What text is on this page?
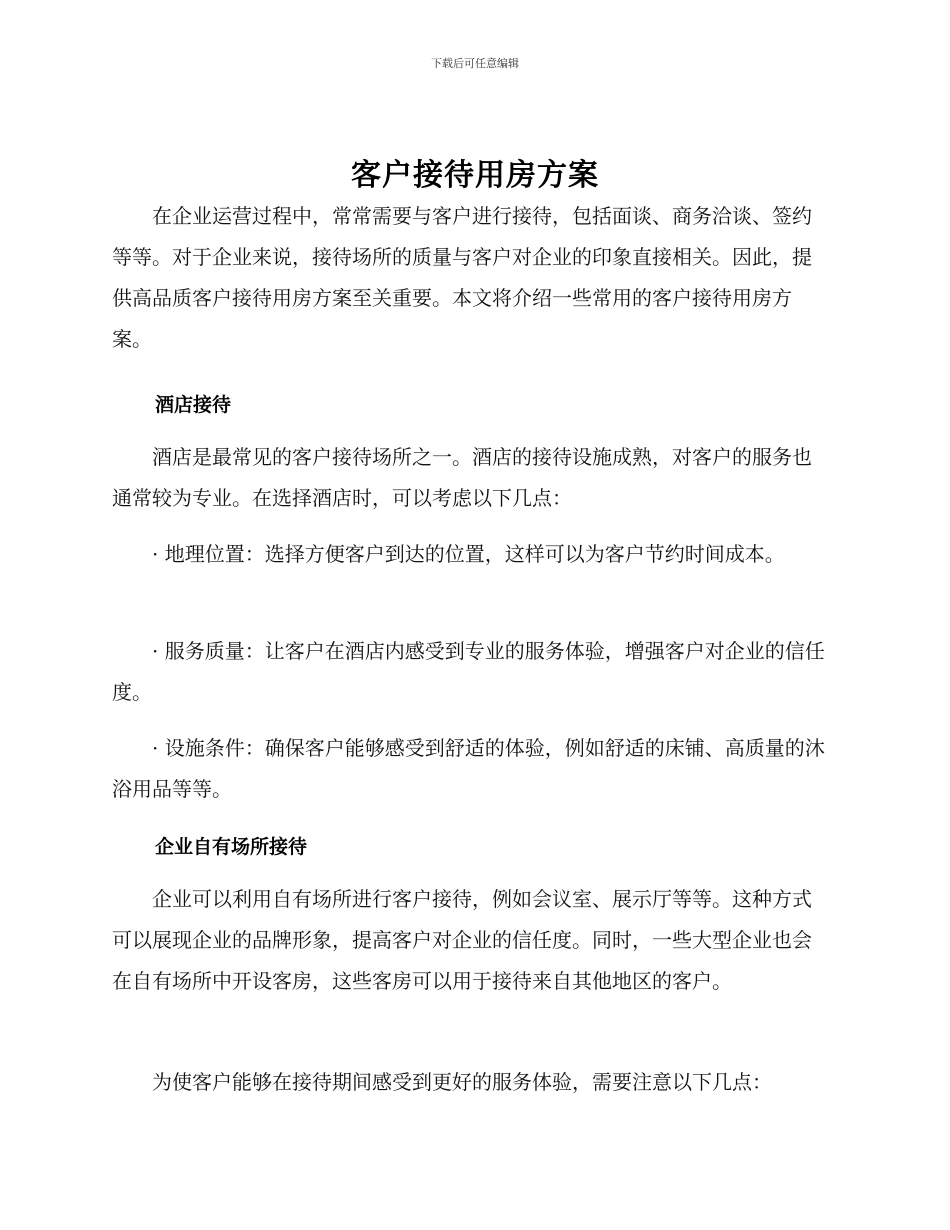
下载后可任意编辑
客户接待用房方案

在企业运营过程中，常常需要与客户进行接待，包括面谈、商务洽谈、签约等等。对于企业来说，接待场所的质量与客户对企业的印象直接相关。因此，提供高品质客户接待用房方案至关重要。本文将介绍一些常用的客户接待用房方案。

酒店接待

酒店是最常见的客户接待场所之一。酒店的接待设施成熟，对客户的服务也通常较为专业。在选择酒店时，可以考虑以下几点：

· 地理位置：选择方便客户到达的位置，这样可以为客户节约时间成本。

· 服务质量：让客户在酒店内感受到专业的服务体验，增强客户对企业的信任度。

· 设施条件：确保客户能够感受到舒适的体验，例如舒适的床铺、高质量的沐浴用品等等。

企业自有场所接待

企业可以利用自有场所进行客户接待，例如会议室、展示厅等等。这种方式可以展现企业的品牌形象，提高客户对企业的信任度。同时，一些大型企业也会在自有场所中开设客房，这些客房可以用于接待来自其他地区的客户。

为使客户能够在接待期间感受到更好的服务体验，需要注意以下几点：
